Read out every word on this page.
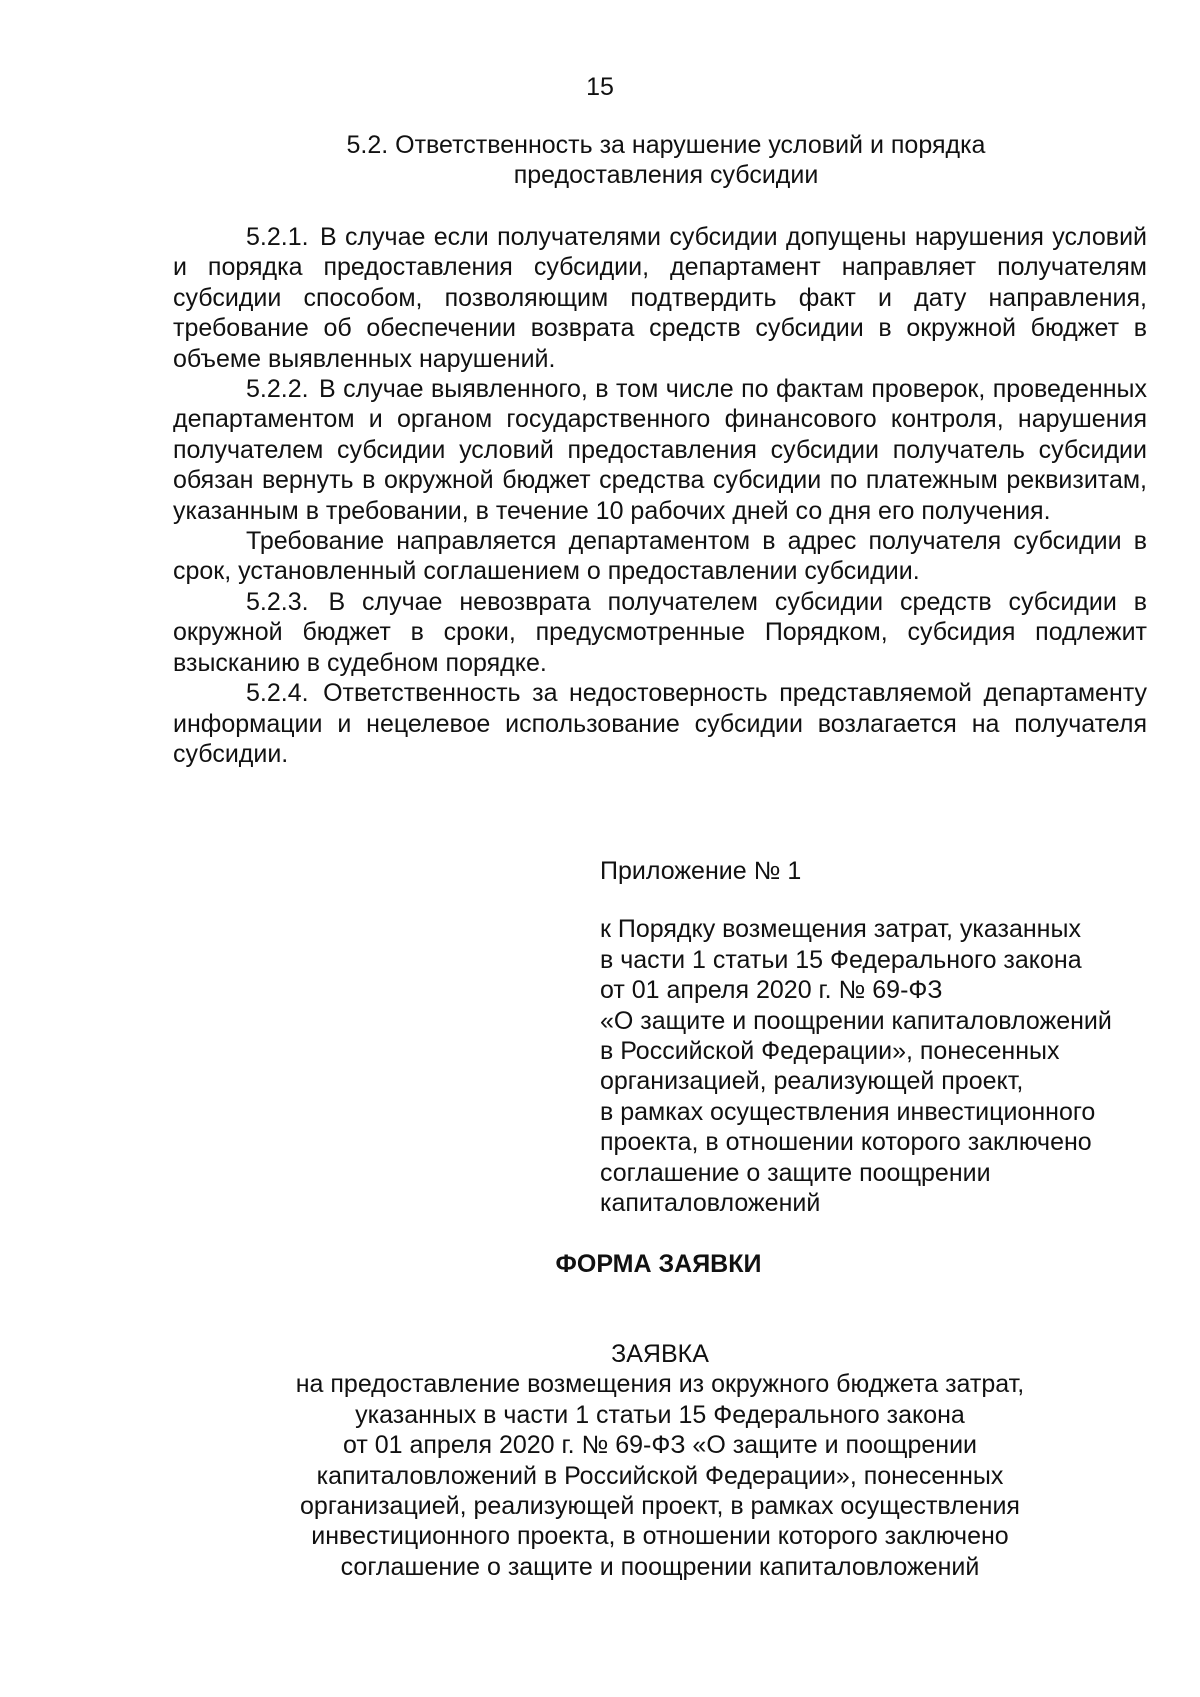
15
5.2. Ответственность за нарушение условий и порядка
предоставления субсидии

5.2.1. В случае если получателями субсидии допущены нарушения условий и порядка предоставления субсидии, департамент направляет получателям субсидии способом, позволяющим подтвердить факт и дату направления, требование об обеспечении возврата средств субсидии в окружной бюджет в объеме выявленных нарушений.

5.2.2. В случае выявленного, в том числе по фактам проверок, проведенных департаментом и органом государственного финансового контроля, нарушения получателем субсидии условий предоставления субсидии получатель субсидии обязан вернуть в окружной бюджет средства субсидии по платежным реквизитам, указанным в требовании, в течение 10 рабочих дней со дня его получения.

Требование направляется департаментом в адрес получателя субсидии в срок, установленный соглашением о предоставлении субсидии.

5.2.3. В случае невозврата получателем субсидии средств субсидии в окружной бюджет в сроки, предусмотренные Порядком, субсидия подлежит взысканию в судебном порядке.

5.2.4. Ответственность за недостоверность представляемой департаменту информации и нецелевое использование субсидии возлагается на получателя субсидии.

Приложение № 1
к Порядку возмещения затрат, указанных
в части 1 статьи 15 Федерального закона
от 01 апреля 2020 г. № 69-ФЗ
«О защите и поощрении капиталовложений
в Российской Федерации», понесенных
организацией, реализующей проект,
в рамках осуществления инвестиционного
проекта, в отношении которого заключено
соглашение о защите поощрении
капиталовложений
ФОРМА ЗАЯВКИ
ЗАЯВКА
на предоставление возмещения из окружного бюджета затрат,
указанных в части 1 статьи 15 Федерального закона
от 01 апреля 2020 г. № 69-ФЗ «О защите и поощрении
капиталовложений в Российской Федерации», понесенных
организацией, реализующей проект, в рамках осуществления
инвестиционного проекта, в отношении которого заключено
соглашение о защите и поощрении капиталовложений
